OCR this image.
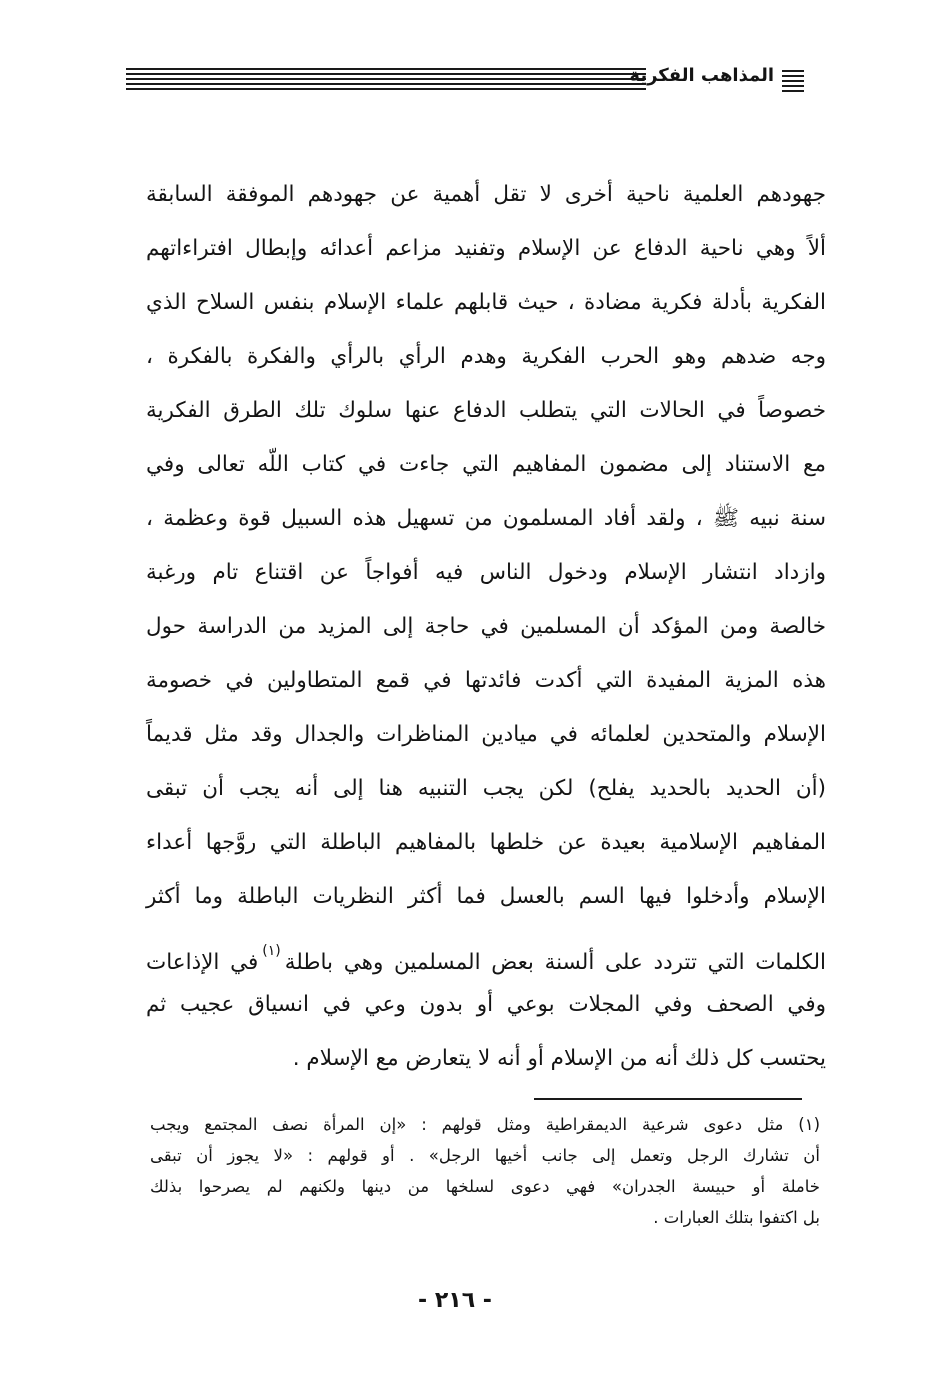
المذاهب الفكرية
جهودهم العلمية ناحية أخرى لا تقل أهمية عن جهودهم الموفقة السابقة
ألاً وهي ناحية الدفاع عن الإسلام وتفنيد مزاعم أعدائه وإبطال افتراءاتهم
الفكرية بأدلة فكرية مضادة ، حيث قابلهم علماء الإسلام بنفس السلاح الذي
وجه ضدهم وهو الحرب الفكرية وهدم الرأي بالرأي والفكرة بالفكرة ،
خصوصاً في الحالات التي يتطلب الدفاع عنها سلوك تلك الطرق الفكرية
مع الاستناد إلى مضمون المفاهيم التي جاءت في كتاب اللّه تعالى وفي
سنة نبيه ﷺ ، ولقد أفاد المسلمون من تسهيل هذه السبيل قوة وعظمة ،
وازداد انتشار الإسلام ودخول الناس فيه أفواجاً عن اقتناع تام ورغبة
خالصة ومن المؤكد أن المسلمين في حاجة إلى المزيد من الدراسة حول
هذه المزية المفيدة التي أكدت فائدتها في قمع المتطاولين في خصومة
الإسلام والمتحدين لعلمائه في ميادين المناظرات والجدال وقد مثل قديماً
(أن الحديد بالحديد يفلح) لكن يجب التنبيه هنا إلى أنه يجب أن تبقى
المفاهيم الإسلامية بعيدة عن خلطها بالمفاهيم الباطلة التي روَّجها أعداء
الإسلام وأدخلوا فيها السم بالعسل فما أكثر النظريات الباطلة وما أكثر
الكلمات التي تتردد على ألسنة بعض المسلمين وهي باطلة$^{(١)}$في الإذاعات
وفي الصحف وفي المجلات بوعي أو بدون وعي في انسياق عجيب ثم
يحتسب كل ذلك أنه من الإسلام أو أنه لا يتعارض مع الإسلام .
(١) مثل دعوى شرعية الديمقراطية ومثل قولهم : «إن المرأة نصف المجتمع ويجب
أن تشارك الرجل وتعمل إلى جانب أخيها الرجل» . أو قولهم : «لا يجوز أن تبقى
خاملة أو حبيسة الجدران» فهي دعوى لسلخها من دينها ولكنهم لم يصرحوا بذلك
بل اكتفوا بتلك العبارات .
- ٢١٦ -
